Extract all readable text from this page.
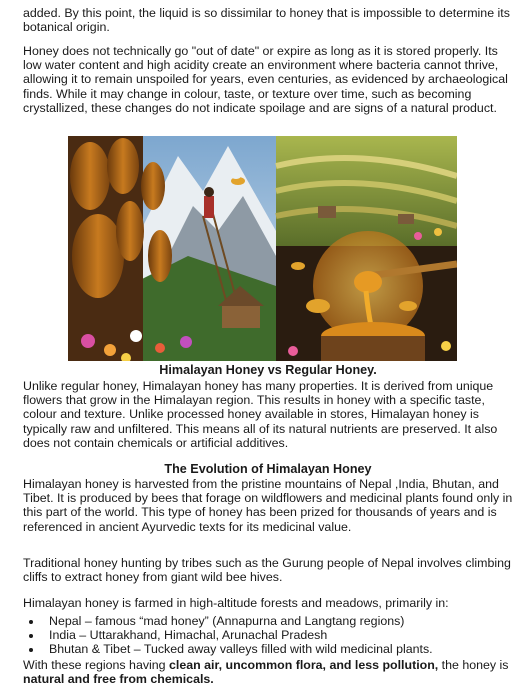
added. By this point, the liquid is so dissimilar to honey that is impossible to determine its botanical origin.

Honey does not technically go "out of date" or expire as long as it is stored properly. Its low water content and high acidity create an environment where bacteria cannot thrive, allowing it to remain unspoiled for years, even centuries, as evidenced by archaeological finds. While it may change in colour, taste, or texture over time, such as becoming crystallized, these changes do not indicate spoilage and are signs of a natural product.

Himalayan Honey vs Regular Honey.

Unlike regular honey, Himalayan honey has many properties. It is derived from unique flowers that grow in the Himalayan region. This results in honey with a specific taste, colour and texture. Unlike processed honey available in stores, Himalayan honey is typically raw and unfiltered. This means all of its natural nutrients are preserved. It also does not contain chemicals or artificial additives.

The Evolution of Himalayan Honey

Himalayan honey is harvested from the pristine mountains of Nepal ,India, Bhutan, and Tibet. It is produced by bees that forage on wildflowers and medicinal plants found only in this part of the world. This type of honey has been prized for thousands of years and is referenced in ancient Ayurvedic texts for its medicinal value.

Traditional honey hunting by tribes such as the Gurung people of Nepal involves climbing cliffs to extract honey from giant wild bee hives.

Himalayan honey is farmed in high-altitude forests and meadows, primarily in:

• Nepal – famous “mad honey” (Annapurna and Langtang regions)
• India – Uttarakhand, Himachal, Arunachal Pradesh
• Bhutan & Tibet – Tucked away valleys filled with wild medicinal plants.

With these regions having clean air, uncommon flora, and less pollution, the honey is natural and free from chemicals.
